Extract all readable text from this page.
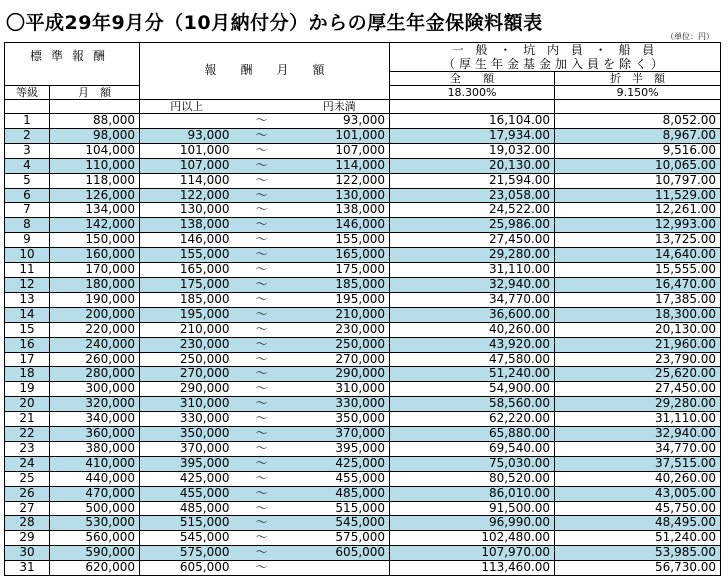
〇平成29年9月分（10月納付分）からの厚生年金保険料額表
（単位：円）
標準報酬		報　　酬　　月　　額			一 般 ・ 坑 内 員 ・ 船 員
（厚生年金基金加入員を除く）	

					全　　額	折　半　額
等級	月　額				18.300%	9.150%
		円以上		円未満		
1	88,000		～	93,000	16,104.00	8,052.00
2	98,000	93,000	～	101,000	17,934.00	8,967.00
3	104,000	101,000	～	107,000	19,032.00	9,516.00
4	110,000	107,000	～	114,000	20,130.00	10,065.00
5	118,000	114,000	～	122,000	21,594.00	10,797.00
6	126,000	122,000	～	130,000	23,058.00	11,529.00
7	134,000	130,000	～	138,000	24,522.00	12,261.00
8	142,000	138,000	～	146,000	25,986.00	12,993.00
9	150,000	146,000	～	155,000	27,450.00	13,725.00
10	160,000	155,000	～	165,000	29,280.00	14,640.00
11	170,000	165,000	～	175,000	31,110.00	15,555.00
12	180,000	175,000	～	185,000	32,940.00	16,470.00
13	190,000	185,000	～	195,000	34,770.00	17,385.00
14	200,000	195,000	～	210,000	36,600.00	18,300.00
15	220,000	210,000	～	230,000	40,260.00	20,130.00
16	240,000	230,000	～	250,000	43,920.00	21,960.00
17	260,000	250,000	～	270,000	47,580.00	23,790.00
18	280,000	270,000	～	290,000	51,240.00	25,620.00
19	300,000	290,000	～	310,000	54,900.00	27,450.00
20	320,000	310,000	～	330,000	58,560.00	29,280.00
21	340,000	330,000	～	350,000	62,220.00	31,110.00
22	360,000	350,000	～	370,000	65,880.00	32,940.00
23	380,000	370,000	～	395,000	69,540.00	34,770.00
24	410,000	395,000	～	425,000	75,030.00	37,515.00
25	440,000	425,000	～	455,000	80,520.00	40,260.00
26	470,000	455,000	～	485,000	86,010.00	43,005.00
27	500,000	485,000	～	515,000	91,500.00	45,750.00
28	530,000	515,000	～	545,000	96,990.00	48,495.00
29	560,000	545,000	～	575,000	102,480.00	51,240.00
30	590,000	575,000	～	605,000	107,970.00	53,985.00
31	620,000	605,000	～		113,460.00	56,730.00
